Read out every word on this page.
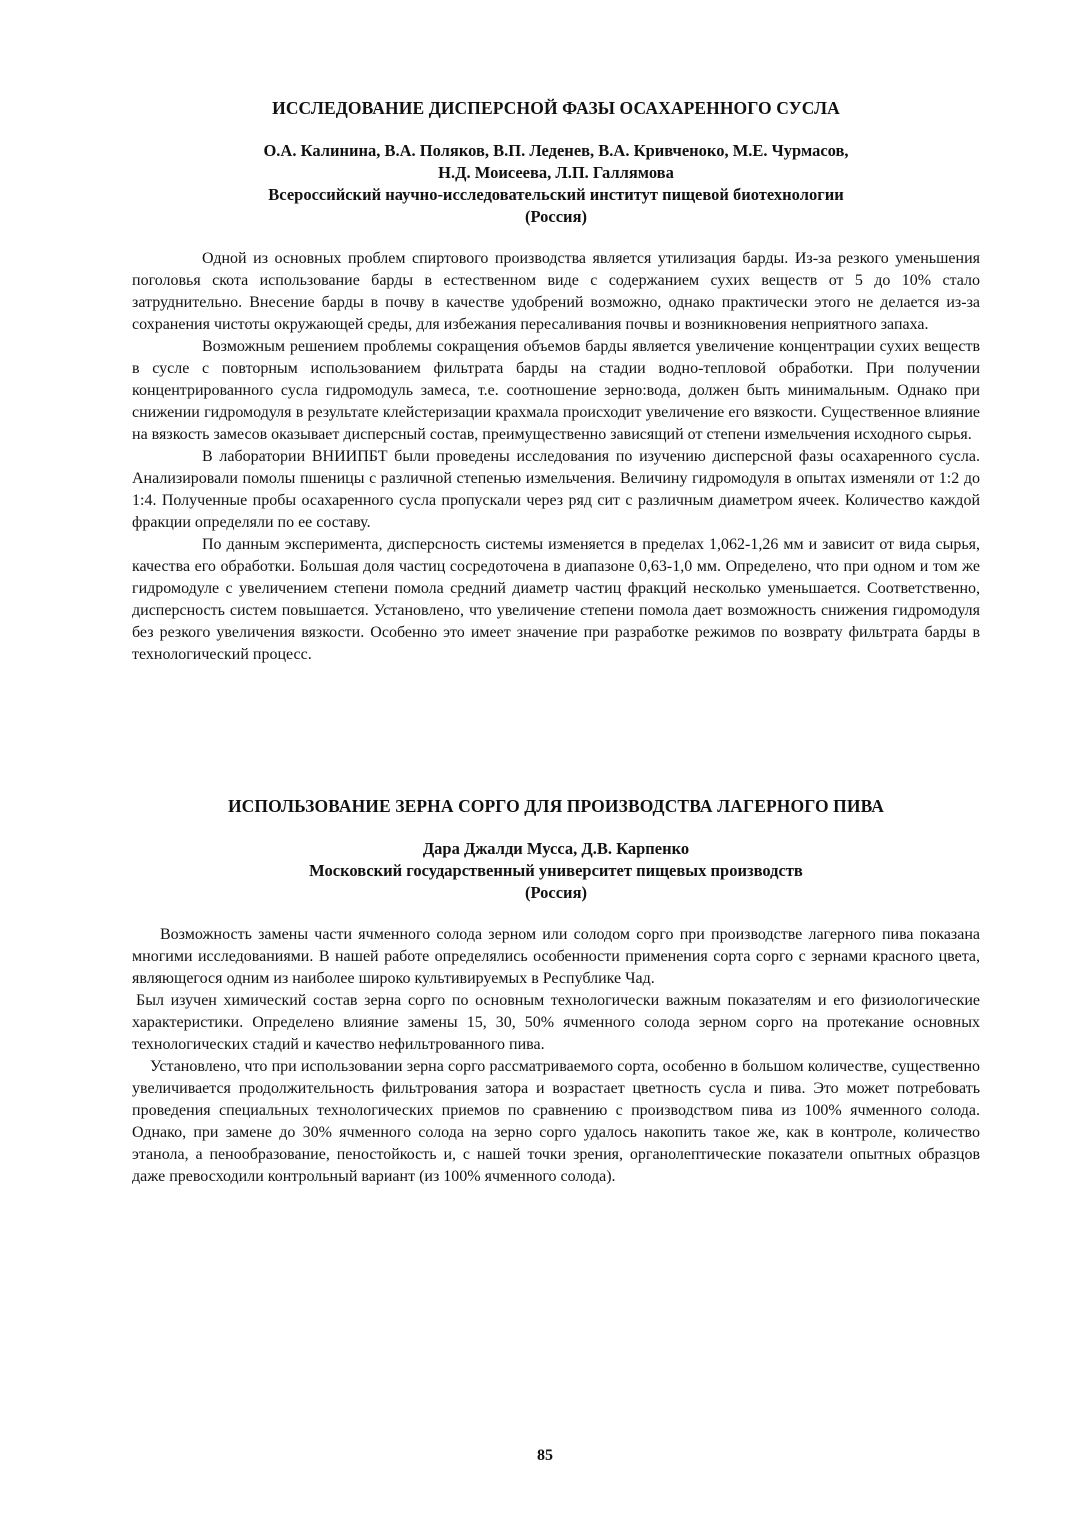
ИССЛЕДОВАНИЕ ДИСПЕРСНОЙ ФАЗЫ ОСАХАРЕННОГО СУСЛА

О.А. Калинина, В.А. Поляков, В.П. Леденев, В.А. Кривченоко, М.Е. Чурмасов,

Н.Д. Моисеева, Л.П. Галлямова

Всероссийский научно-исследовательский институт пищевой биотехнологии

(Россия)

Одной из основных проблем спиртового производства является утилизация барды. Из-за резкого уменьшения поголовья скота использование барды в естественном виде с содержанием сухих веществ от 5 до 10% стало затруднительно. Внесение барды в почву в качестве удобрений возможно, однако практически этого не делается из-за сохранения чистоты окружающей среды, для избежания пересаливания почвы и возникновения неприятного запаха.

Возможным решением проблемы сокращения объемов барды является увеличение концентрации сухих веществ в сусле с повторным использованием фильтрата барды на стадии водно-тепловой обработки. При получении концентрированного сусла гидромодуль замеса, т.е. соотношение зерно:вода, должен быть минимальным. Однако при снижении гидромодуля в результате клейстеризации крахмала происходит увеличение его вязкости. Существенное влияние на вязкость замесов оказывает дисперсный состав, преимущественно зависящий от степени измельчения исходного сырья.

В лаборатории ВНИИПБТ были проведены исследования по изучению дисперсной фазы осахаренного сусла. Анализировали помолы пшеницы с различной степенью измельчения. Величину гидромодуля в опытах изменяли от 1:2 до 1:4. Полученные пробы осахаренного сусла пропускали через ряд сит с различным диаметром ячеек. Количество каждой фракции определяли по ее составу.

По данным эксперимента, дисперсность системы изменяется в пределах 1,062-1,26 мм и зависит от вида сырья, качества его обработки. Большая доля частиц сосредоточена в диапазоне 0,63-1,0 мм. Определено, что при одном и том же гидромодуле с увеличением степени помола средний диаметр частиц фракций несколько уменьшается. Соответственно, дисперсность систем повышается. Установлено, что увеличение степени помола дает возможность снижения гидромодуля без резкого увеличения вязкости. Особенно это имеет значение при разработке режимов по возврату фильтрата барды в технологический процесс.

ИСПОЛЬЗОВАНИЕ ЗЕРНА СОРГО ДЛЯ ПРОИЗВОДСТВА ЛАГЕРНОГО ПИВА

Дара Джалди Мусса, Д.В. Карпенко

Московский государственный университет пищевых производств

(Россия)

Возможность замены части ячменного солода зерном или солодом сорго при производстве лагерного пива показана многими исследованиями. В нашей работе определялись особенности применения сорта сорго с зернами красного цвета, являющегося одним из наиболее широко культивируемых в Республике Чад.

Был изучен химический состав зерна сорго по основным технологически важным показателям и его физиологические характеристики. Определено влияние замены 15, 30, 50% ячменного солода зерном сорго на протекание основных технологических стадий и качество нефильтрованного пива.

Установлено, что при использовании зерна сорго рассматриваемого сорта, особенно в большом количестве, существенно увеличивается продолжительность фильтрования затора и возрастает цветность сусла и пива. Это может потребовать проведения специальных технологических приемов по сравнению с производством пива из 100% ячменного солода. Однако, при замене до 30% ячменного солода на зерно сорго удалось накопить такое же, как в контроле, количество этанола, а пенообразование, пеностойкость и, с нашей точки зрения, органолептические показатели опытных образцов даже превосходили контрольный вариант (из 100% ячменного солода).

85
